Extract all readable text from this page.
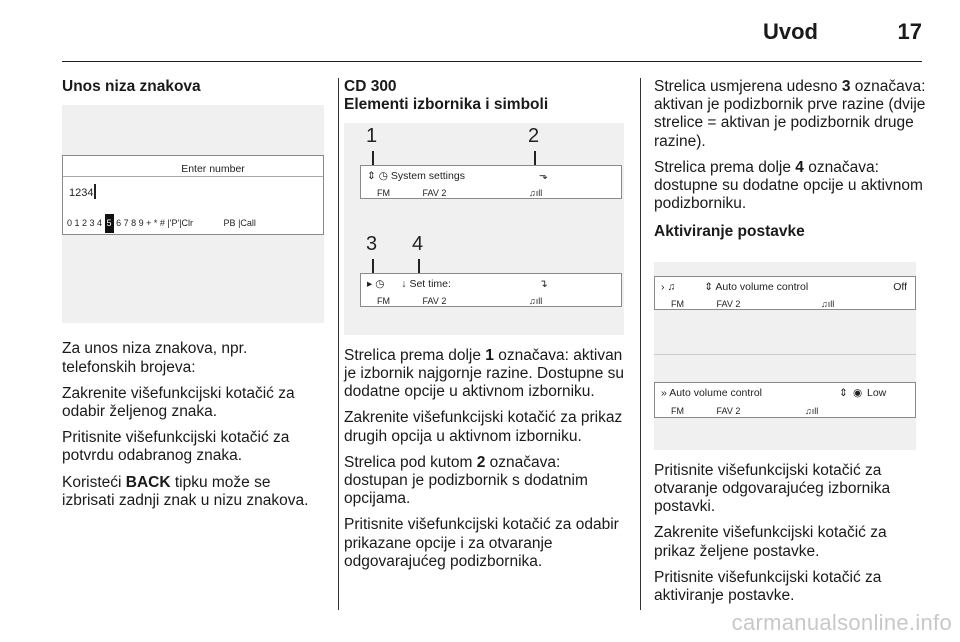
Uvod	17
Unos niza znakova
Enter number
1234
0 1 2 3 4 5 6 7 8 9 + * # |'P'|Clr	PB |Call

Za unos niza znakova, npr. telefonskih brojeva:

Zakrenite višefunkcijski kotačić za odabir željenog znaka.

Pritisnite višefunkcijski kotačić za potvrdu odabranog znaka.

Koristeći BACK tipku može se izbrisati zadnji znak u nizu znakova.

CD 300
Elementi izbornika i simboli
1	2
⇕ ◷ System settings	⬎
FM	FAV 2	♫ıll
3 4
▸ ◷ ↓ Set time:	↴
FM	FAV 2	♫ıll

Strelica prema dolje 1 označava: aktivan je izbornik najgornje razine. Dostupne su dodatne opcije u aktivnom izborniku.

Zakrenite višefunkcijski kotačić za prikaz drugih opcija u aktivnom izborniku.

Strelica pod kutom 2 označava: dostupan je podizbornik s dodatnim opcijama.

Pritisnite višefunkcijski kotačić za odabir prikazane opcije i za otvaranje odgovarajućeg podizbornika.

Strelica usmjerena udesno 3 označava: aktivan je podizbornik prve razine (dvije strelice = aktivan je podizbornik druge razine).

Strelica prema dolje 4 označava: dostupne su dodatne opcije u aktivnom podizborniku.

Aktiviranje postavke
› ♫	⇕ Auto volume control	Off
FM	FAV 2	♫ıll
» Auto volume control	⇕ ◉ Low
FM	FAV 2	♫ıll

Pritisnite višefunkcijski kotačić za otvaranje odgovarajućeg izbornika postavki.

Zakrenite višefunkcijski kotačić za prikaz željene postavke.

Pritisnite višefunkcijski kotačić za aktiviranje postavke.

carmanualsonline.info
